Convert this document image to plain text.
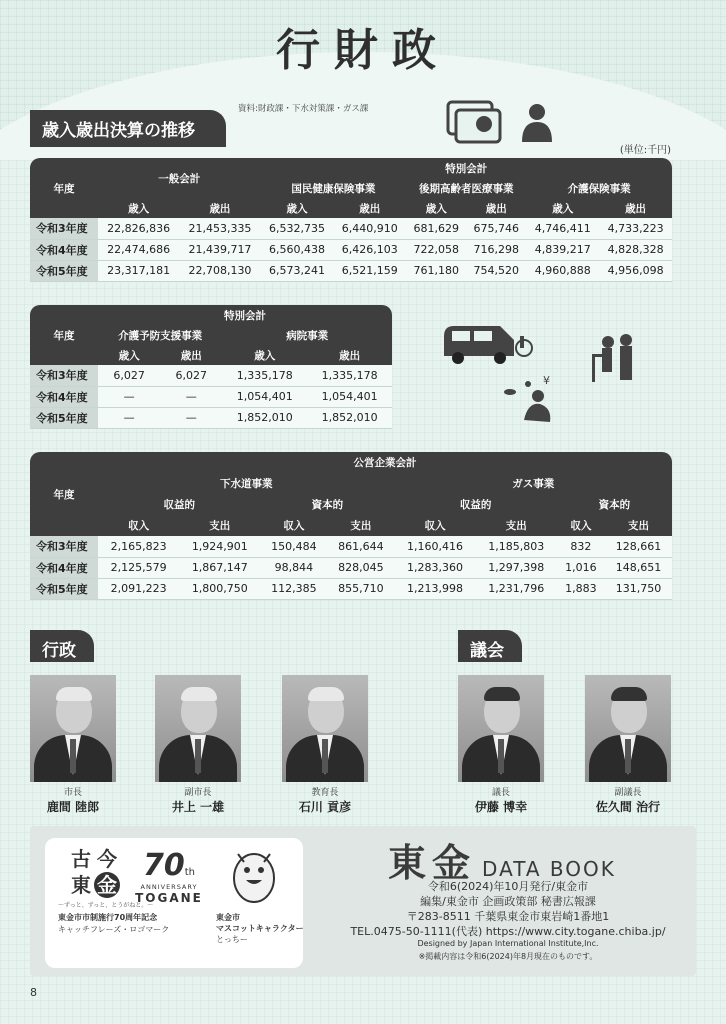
行財政
歳入歳出決算の推移
資料:財政課・下水対策課・ガス課
(単位:千円)
年度	一般会計		特別会計					
			国民健康保険事業		後期高齢者医療事業		介護保険事業	
	歳入	歳出	歳入	歳出	歳入	歳出	歳入	歳出
令和3年度	22,826,836	21,453,335	6,532,735	6,440,910	681,629	675,746	4,746,411	4,733,223
令和4年度	22,474,686	21,439,717	6,560,438	6,426,103	722,058	716,298	4,839,217	4,828,328
令和5年度	23,317,181	22,708,130	6,573,241	6,521,159	761,180	754,520	4,960,888	4,956,098
年度	特別会計			
	介護予防支援事業		病院事業	
	歳入	歳出	歳入	歳出
令和3年度	6,027	6,027	1,335,178	1,335,178
令和4年度	—	—	1,054,401	1,054,401
令和5年度	—	—	1,852,010	1,852,010
¥
年度	公営企業会計							
	下水道事業				ガス事業			
	収益的		資本的		収益的		資本的	
	収入	支出	収入	支出	収入	支出	収入	支出
令和3年度	2,165,823	1,924,901	150,484	861,644	1,160,416	1,185,803	832	128,661
令和4年度	2,125,579	1,867,147	98,844	828,045	1,283,360	1,297,398	1,016	148,651
令和5年度	2,091,223	1,800,750	112,385	855,710	1,213,998	1,231,796	1,883	131,750
行政	議会
市長
鹿間 陸郎
副市長
井上 一雄
教育長
石川 貢彦
議長
伊藤 博幸
副議長
佐久間 治行
古 今
東 金
〜ずっと、ずっと、とうがねと。〜
70th
ANNIVERSARY
TOGANE
東金市市制施行70周年記念
キャッチフレーズ・ロゴマーク
東金市
マスコットキャラクター
とっちー
東金 DATA BOOK
令和6(2024)年10月発行/東金市
編集/東金市 企画政策部 秘書広報課
〒283-8511 千葉県東金市東岩崎1番地1
TEL.0475-50-1111(代表) https://www.city.togane.chiba.jp/
Designed by Japan International Institute,Inc.
※掲載内容は令和6(2024)年8月現在のものです。
8
